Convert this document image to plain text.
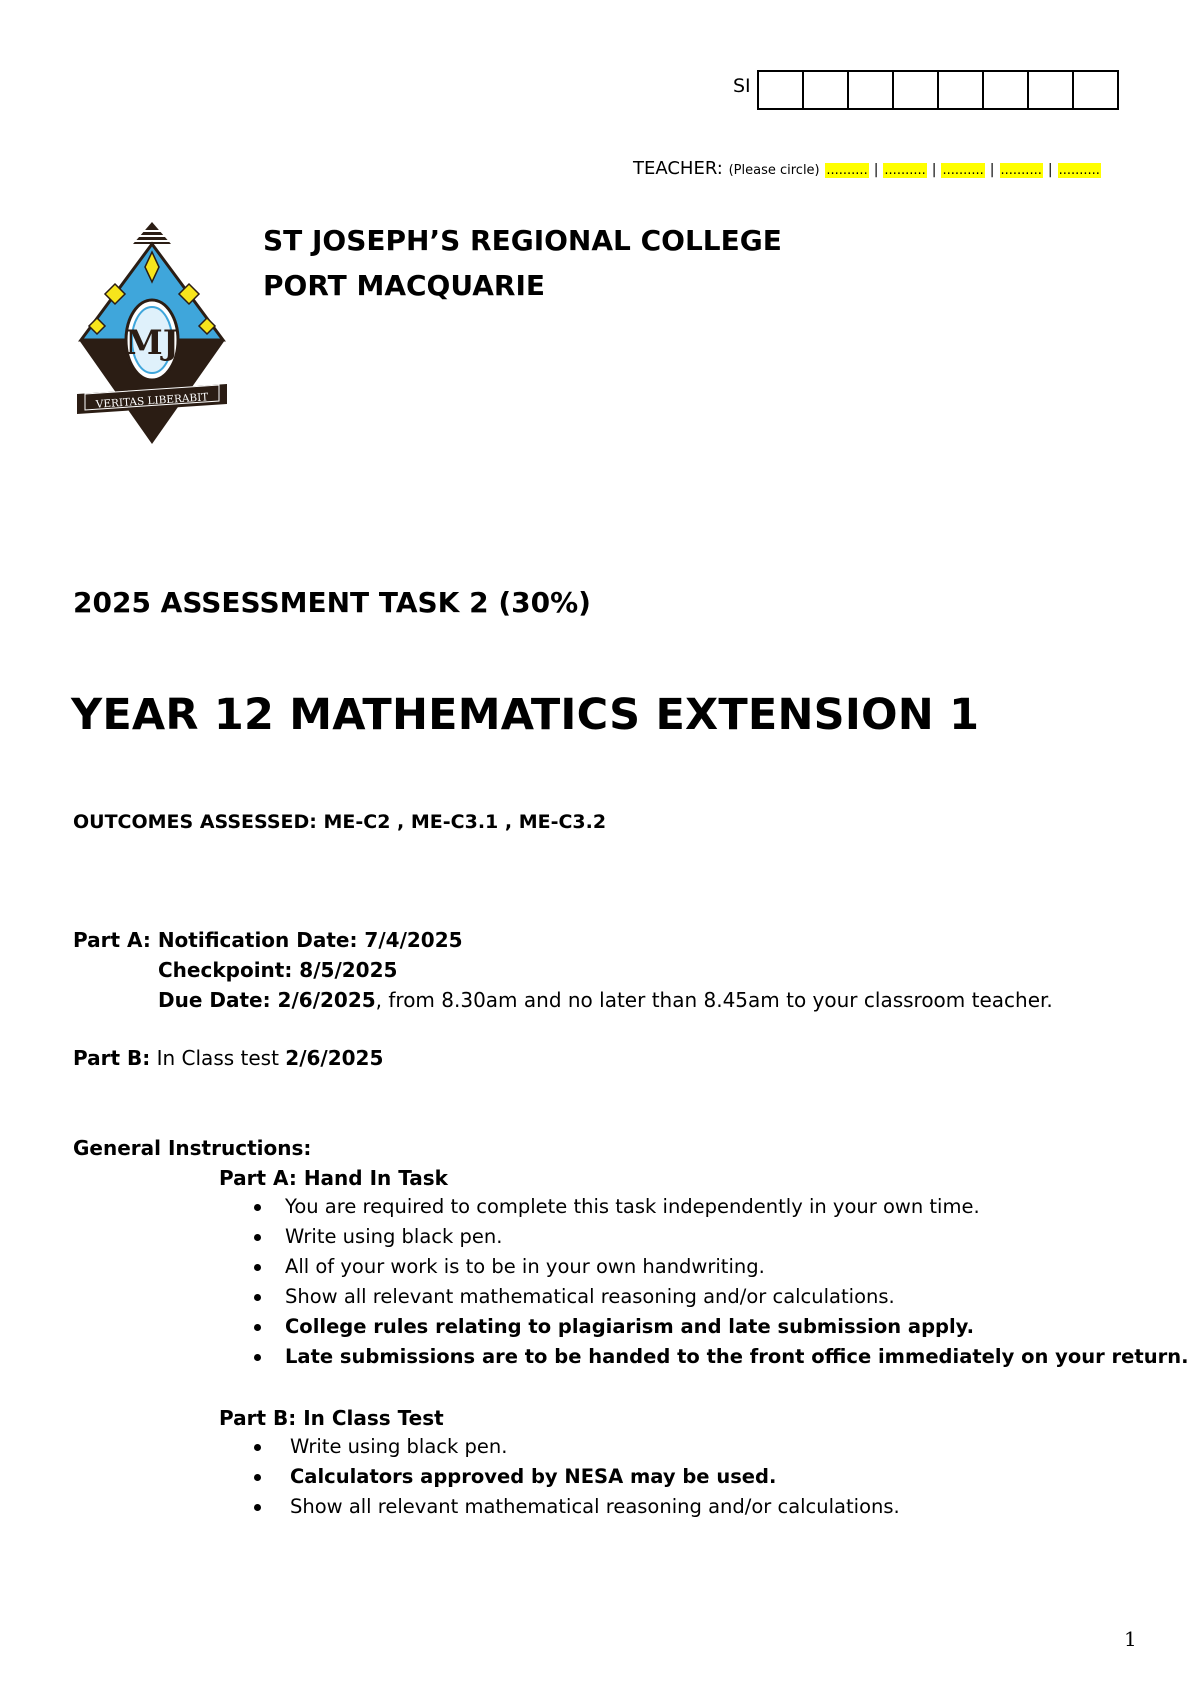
SI
TEACHER: (Please circle) .......... | .......... | .......... | .......... | ..........
MJ
VERITAS LIBERABIT
ST JOSEPH’S REGIONAL COLLEGE
PORT MACQUARIE
2025 ASSESSMENT TASK 2 (30%)
YEAR 12 MATHEMATICS EXTENSION 1
OUTCOMES ASSESSED: ME-C2 , ME-C3.1 , ME-C3.2
Part A: Notification Date: 7/4/2025
Checkpoint: 8/5/2025
Due Date: 2/6/2025, from 8.30am and no later than 8.45am to your classroom teacher.
Part B: In Class test 2/6/2025
General Instructions:
Part A: Hand In Task
You are required to complete this task independently in your own time.
Write using black pen.
All of your work is to be in your own handwriting.
Show all relevant mathematical reasoning and/or calculations.
College rules relating to plagiarism and late submission apply.
Late submissions are to be handed to the front office immediately on your return.
Part B: In Class Test
Write using black pen.
Calculators approved by NESA may be used.
Show all relevant mathematical reasoning and/or calculations.
1
